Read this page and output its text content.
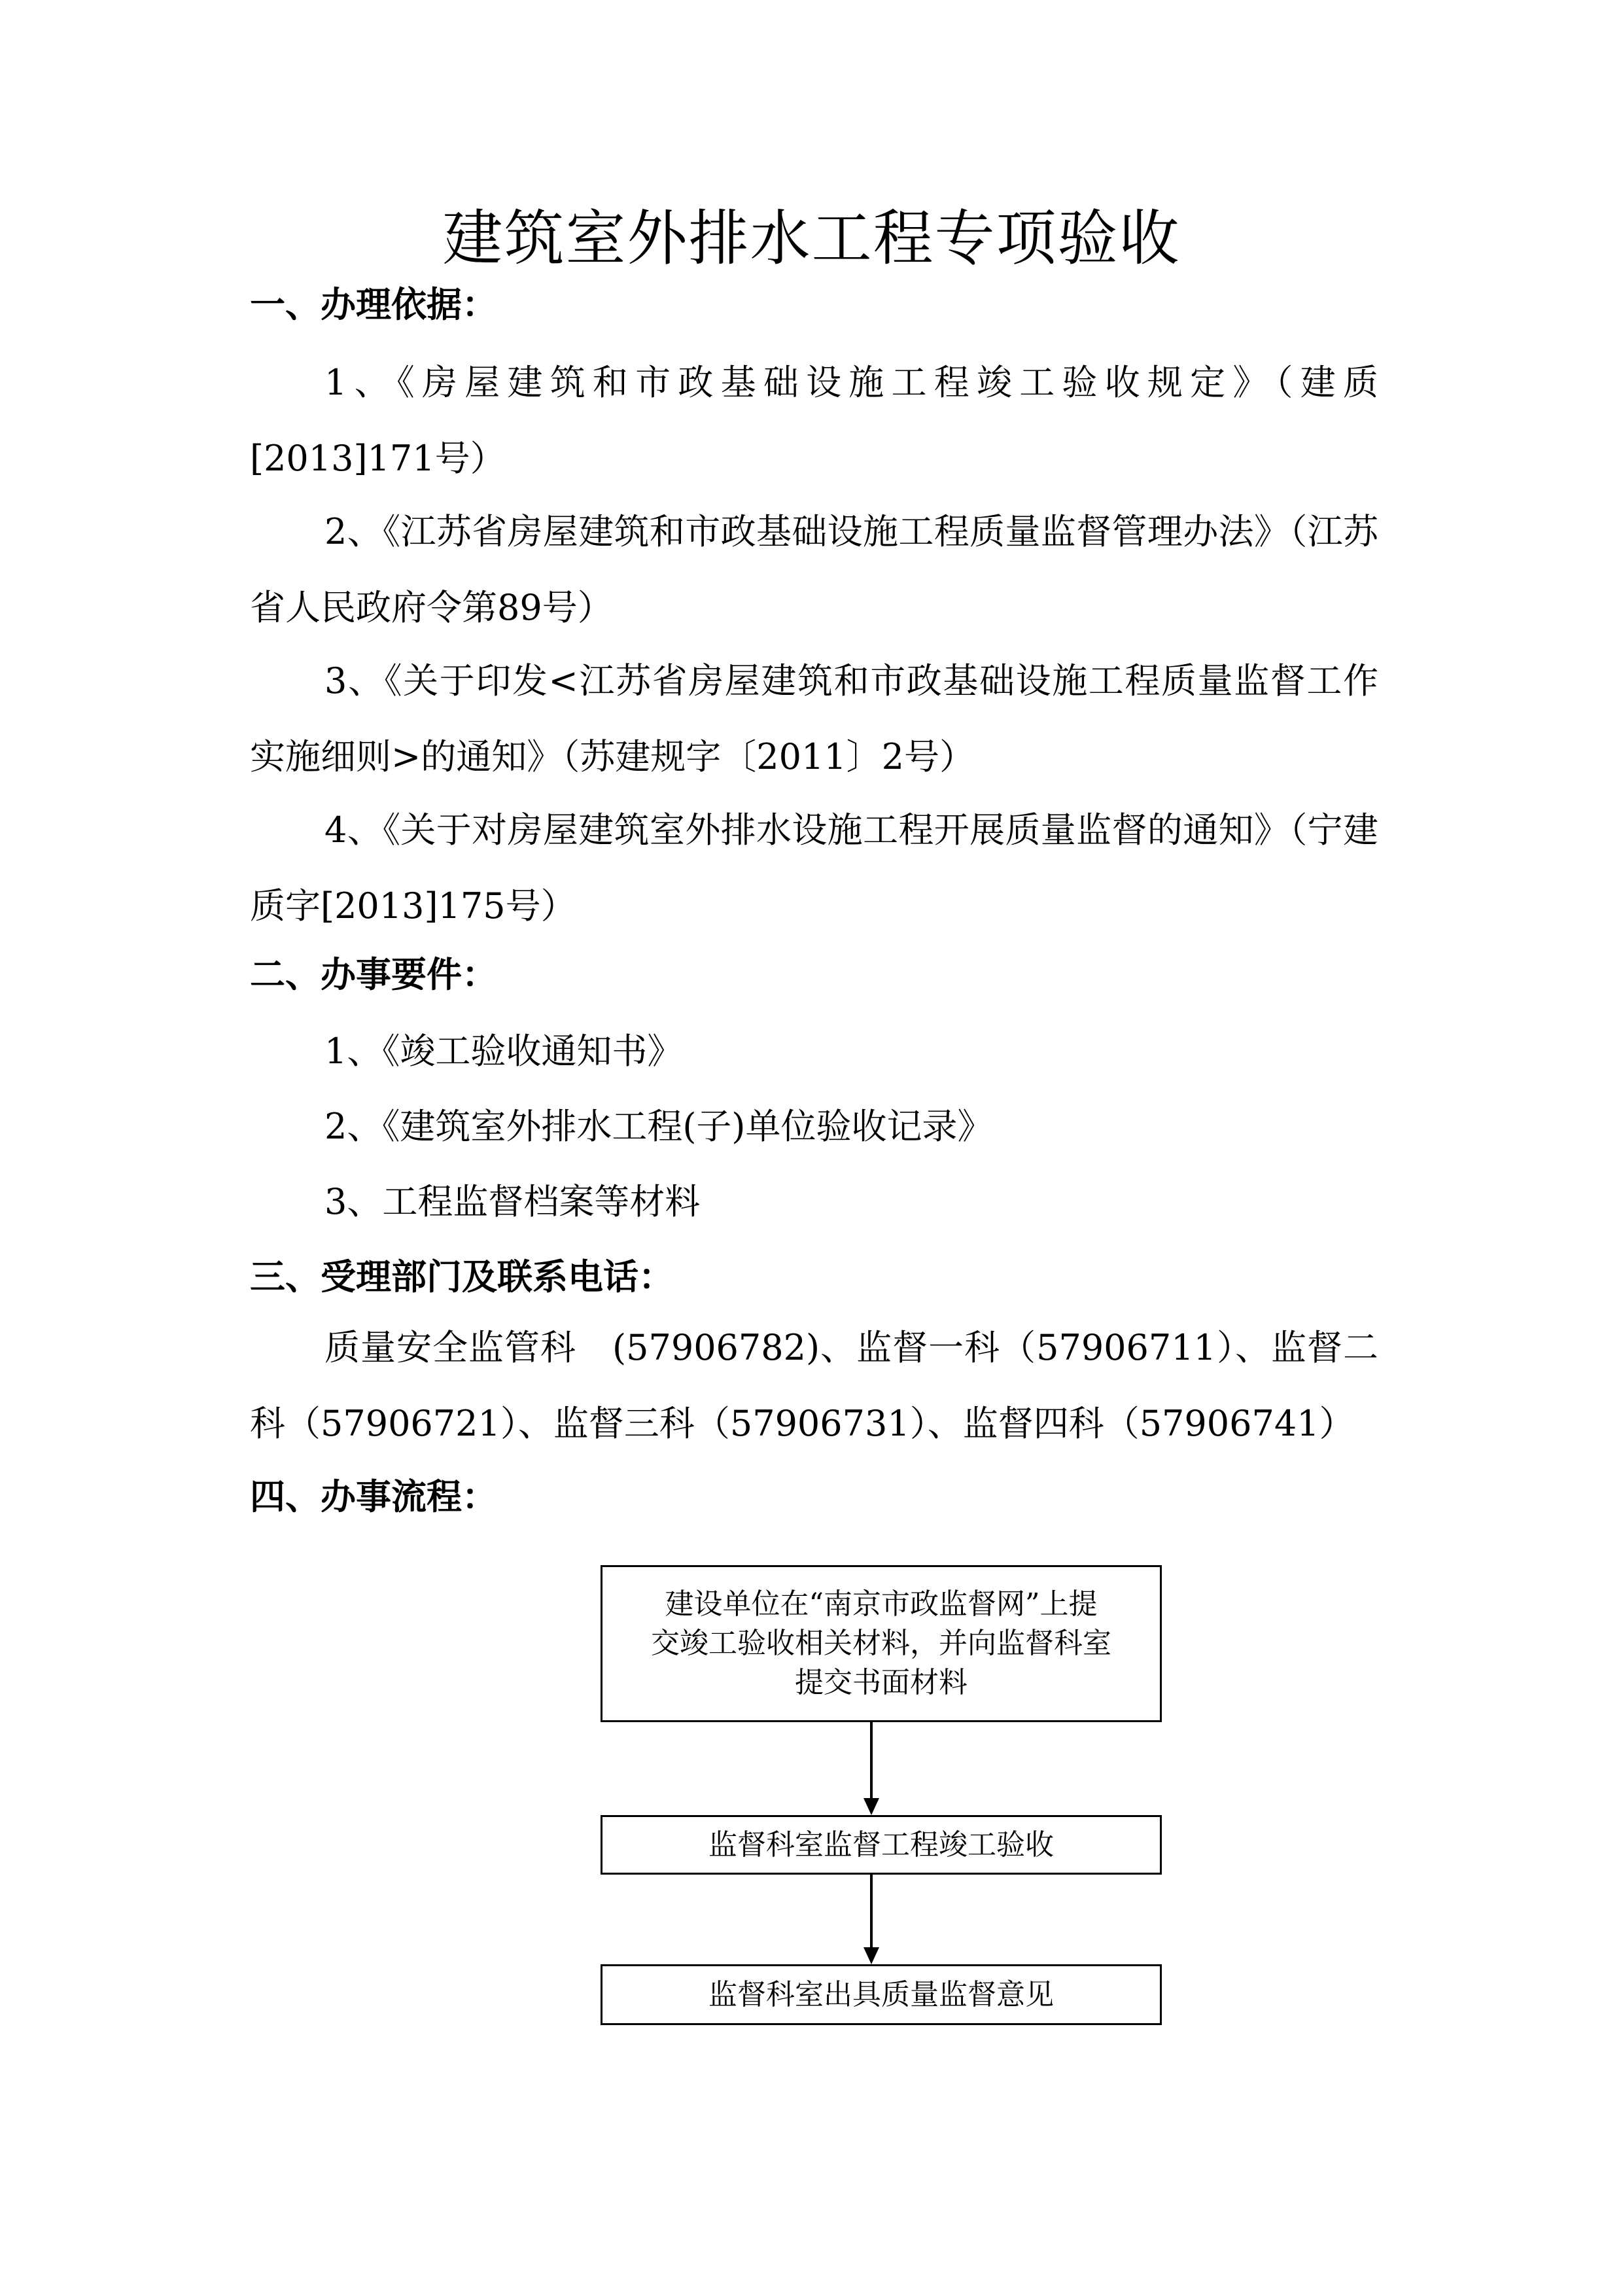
建筑室外排水工程专项验收
一、办理依据：

1、《房屋建筑和市政基础设施工程竣工验收规定》（建质[2013]171号）

2、《江苏省房屋建筑和市政基础设施工程质量监督管理办法》（江苏省人民政府令第89号）

3、《关于印发<江苏省房屋建筑和市政基础设施工程质量监督工作实施细则>的通知》（苏建规字〔2011〕2号）

4、《关于对房屋建筑室外排水设施工程开展质量监督的通知》（宁建质字[2013]175号）

二、办事要件：

1、《竣工验收通知书》

2、《建筑室外排水工程(子)单位验收记录》

3、工程监督档案等材料

三、受理部门及联系电话：

质量安全监管科　(57906782)、监督一科（57906711）、监督二科（57906721）、监督三科（57906731）、监督四科（57906741）

四、办事流程：
建设单位在“南京市政监督网”上提
交竣工验收相关材料，并向监督科室
提交书面材料
监督科室监督工程竣工验收
监督科室出具质量监督意见
